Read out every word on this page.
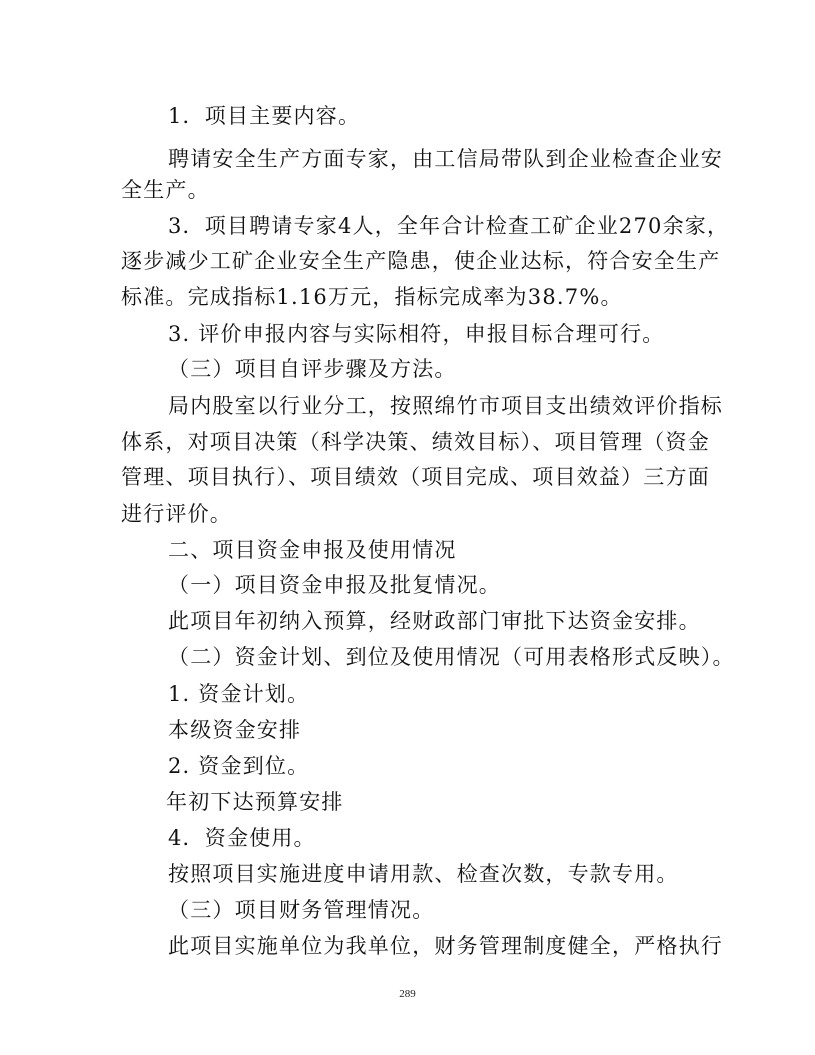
1．项目主要内容。
聘请安全生产方面专家，由工信局带队到企业检查企业安
全生产。
3．项目聘请专家4人，全年合计检查工矿企业270余家，
逐步减少工矿企业安全生产隐患，使企业达标，符合安全生产
标准。完成指标1.16万元，指标完成率为38.7%。
3. 评价申报内容与实际相符，申报目标合理可行。
（三）项目自评步骤及方法。
局内股室以行业分工，按照绵竹市项目支出绩效评价指标
体系，对项目决策（科学决策、绩效目标）、项目管理（资金
管理、项目执行）、项目绩效（项目完成、项目效益）三方面
进行评价。
二、项目资金申报及使用情况
（一）项目资金申报及批复情况。
此项目年初纳入预算，经财政部门审批下达资金安排。
（二）资金计划、到位及使用情况（可用表格形式反映）。
1. 资金计划。
本级资金安排
2. 资金到位。
年初下达预算安排
4．资金使用。
按照项目实施进度申请用款、检查次数，专款专用。
（三）项目财务管理情况。
此项目实施单位为我单位，财务管理制度健全，严格执行
289
